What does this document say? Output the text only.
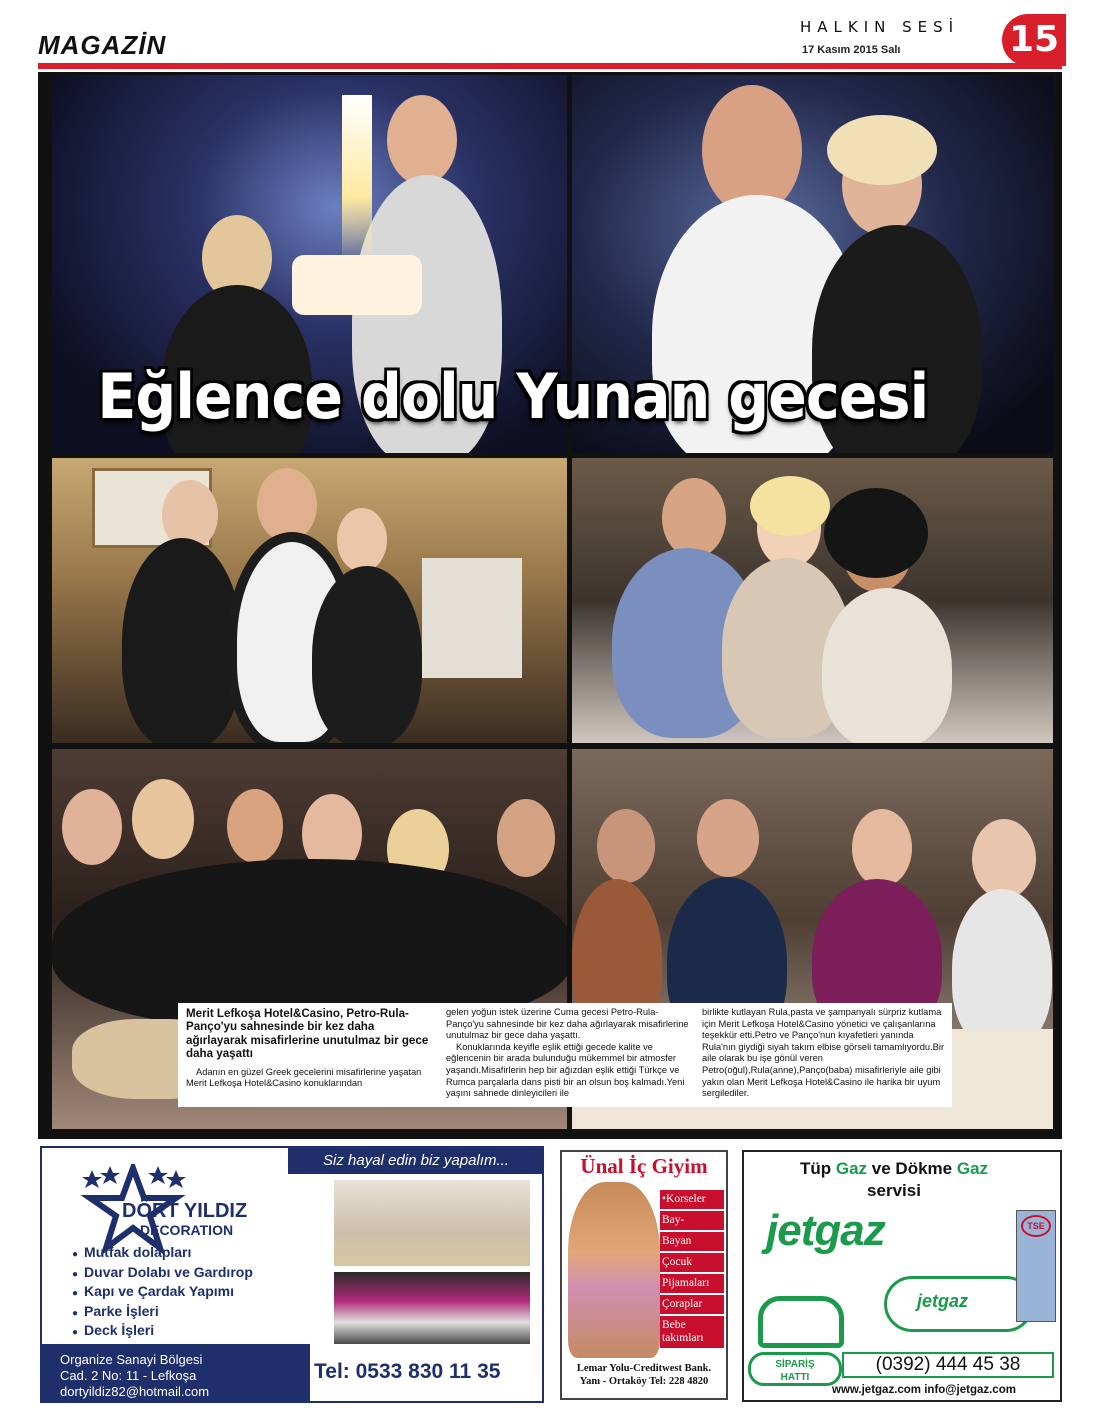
MAGAZİN
HALKIN SESİ
17 Kasım 2015 Salı	15
Eğlence dolu Yunan gecesi
Merit Lefkoşa Hotel&Casino, Petro-Rula-Panço'yu sahnesinde bir kez daha ağırlayarak misafirlerine unutulmaz bir gece daha yaşattı

Adanın en güzel Greek gecelerini misafirlerine yaşatan Merit Lefkoşa Hotel&Casino konuklarından

gelen yoğun istek üzerine Cuma gecesi Petro-Rula-Panço'yu sahnesinde bir kez daha ağırlayarak misafirlerine unutulmaz bir gece daha yaşattı.

Konuklarında keyifle eşlik ettiği gecede kalite ve eğlencenin bir arada bulunduğu mükemmel bir atmosfer yaşandı.Misafirlerin hep bir ağızdan eşlik ettiği Türkçe ve Rumca parçalarla dans pisti bir an olsun boş kalmadı.Yeni yaşını sahnede dinleyicileri ile

birlikte kutlayan Rula,pasta ve şampanyalı sürpriz kutlama için Merit Lefkoşa Hotel&Casino yönetici ve çalışanlarına teşekkür etti.Petro ve Panço'nun kıyafetleri yanında Rula'nın giydiği siyah takım elbise görseli tamamlıyordu.Bir aile olarak bu işe gönül veren Petro(oğul),Rula(anne),Panço(baba) misafirleriyle aile gibi yakın olan Merit Lefkoşa Hotel&Casino ile harika bir uyum sergilediler.
DÖRT YILDIZ
DECORATION
Siz hayal edin biz yapalım...
● Mutfak dolapları
● Duvar Dolabı ve Gardırop
● Kapı ve Çardak Yapımı
● Parke İşleri
● Deck İşleri
Organize Sanayi Bölgesi
Cad. 2 No: 11 - Lefkoşa
dortyildiz82@hotmail.com
Tel: 0533 830 11 35
Ünal İç Giyim
• Korseler
Bay-
Bayan
Çocuk
Pijamaları
Çoraplar
Bebe takımları
Lemar Yolu-Creditwest Bank.
Yanı - Ortaköy Tel: 228 4820
Tüp Gaz ve Dökme Gaz
servisi
jetgaz
jetgaz
TSE
SİPARİŞ
HATTI
(0392) 444 45 38
www.jetgaz.com info@jetgaz.com
